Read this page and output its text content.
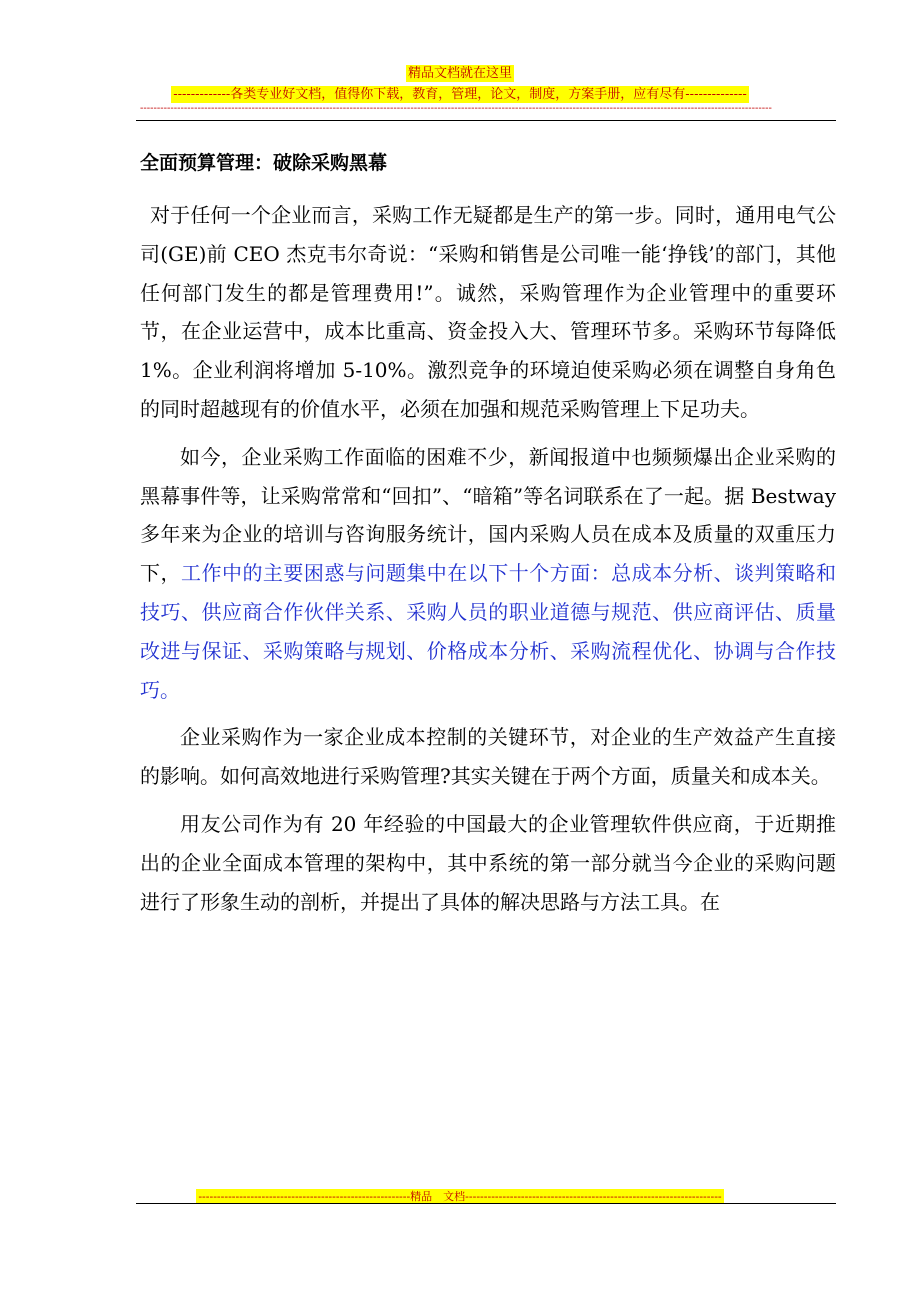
精品文档就在这里
-------------各类专业好文档，值得你下载，教育，管理，论文，制度，方案手册，应有尽有--------------
-------------------------------------------------------------------------------------------------------------------------------------------------------------------------------------------
全面预算管理：破除采购黑幕

对于任何一个企业而言，采购工作无疑都是生产的第一步。同时，通用电气公司(GE)前 CEO 杰克韦尔奇说：“采购和销售是公司唯一能‘挣钱’的部门，其他任何部门发生的都是管理费用!”。诚然，采购管理作为企业管理中的重要环节，在企业运营中，成本比重高、资金投入大、管理环节多。采购环节每降低 1%。企业利润将增加 5-10%。激烈竞争的环境迫使采购必须在调整自身角色的同时超越现有的价值水平，必须在加强和规范采购管理上下足功夫。

如今，企业采购工作面临的困难不少，新闻报道中也频频爆出企业采购的黑幕事件等，让采购常常和“回扣”、“暗箱”等名词联系在了一起。据 Bestway 多年来为企业的培训与咨询服务统计，国内采购人员在成本及质量的双重压力下，工作中的主要困惑与问题集中在以下十个方面：总成本分析、谈判策略和技巧、供应商合作伙伴关系、采购人员的职业道德与规范、供应商评估、质量改进与保证、采购策略与规划、价格成本分析、采购流程优化、协调与合作技巧。

企业采购作为一家企业成本控制的关键环节，对企业的生产效益产生直接的影响。如何高效地进行采购管理?其实关键在于两个方面，质量关和成本关。

用友公司作为有 20 年经验的中国最大的企业管理软件供应商，于近期推出的企业全面成本管理的架构中，其中系统的第一部分就当今企业的采购问题进行了形象生动的剖析，并提出了具体的解决思路与方法工具。在

---------------------------------------------------------精品　文档---------------------------------------------------------------------
